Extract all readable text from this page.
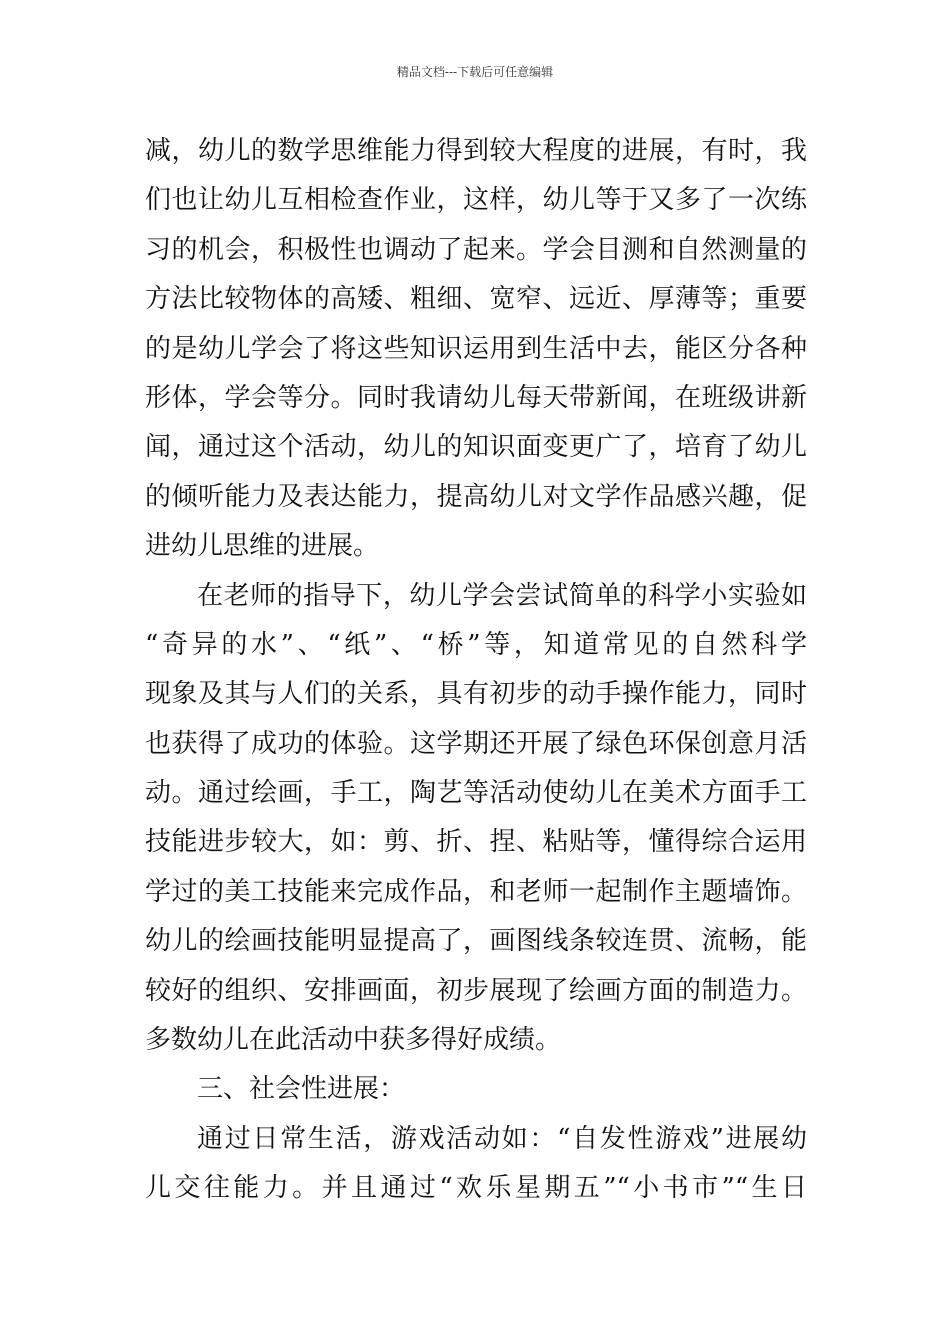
精品文档---下载后可任意编辑
减，幼儿的数学思维能力得到较大程度的进展，有时，我
们也让幼儿互相检查作业，这样，幼儿等于又多了一次练
习的机会，积极性也调动了起来。学会目测和自然测量的
方法比较物体的高矮、粗细、宽窄、远近、厚薄等；重要
的是幼儿学会了将这些知识运用到生活中去，能区分各种
形体，学会等分。同时我请幼儿每天带新闻，在班级讲新
闻，通过这个活动，幼儿的知识面变更广了，培育了幼儿
的倾听能力及表达能力，提高幼儿对文学作品感兴趣，促
进幼儿思维的进展。
在老师的指导下，幼儿学会尝试简单的科学小实验如
“奇异的水”、“纸”、“桥”等，知道常见的自然科学
现象及其与人们的关系，具有初步的动手操作能力，同时
也获得了成功的体验。这学期还开展了绿色环保创意月活
动。通过绘画，手工，陶艺等活动使幼儿在美术方面手工
技能进步较大，如：剪、折、捏、粘贴等，懂得综合运用
学过的美工技能来完成作品，和老师一起制作主题墙饰。
幼儿的绘画技能明显提高了，画图线条较连贯、流畅，能
较好的组织、安排画面，初步展现了绘画方面的制造力。
多数幼儿在此活动中获多得好成绩。
三、社会性进展：
通过日常生活，游戏活动如：“自发性游戏”进展幼
儿交往能力。并且通过“欢乐星期五”“小书市”“生日
